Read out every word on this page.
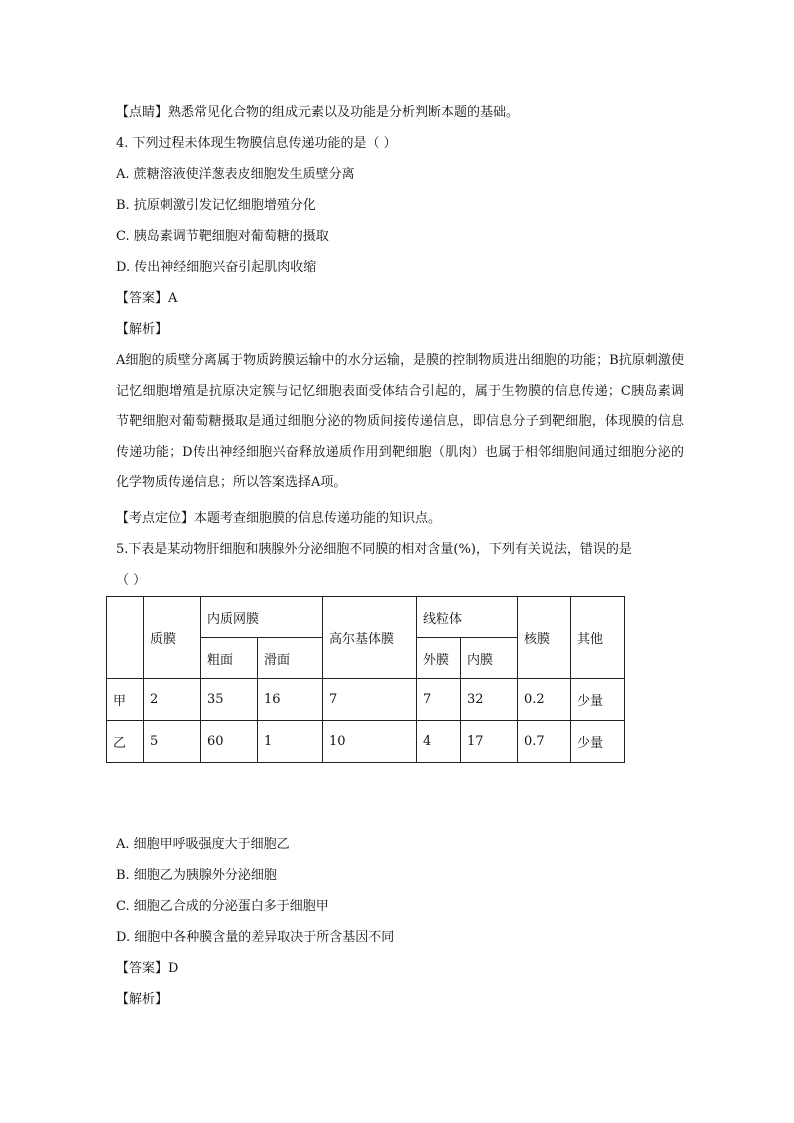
【点睛】熟悉常见化合物的组成元素以及功能是分析判断本题的基础。
4. 下列过程未体现生物膜信息传递功能的是（ ）
A. 蔗糖溶液使洋葱表皮细胞发生质壁分离
B. 抗原刺激引发记忆细胞增殖分化
C. 胰岛素调节靶细胞对葡萄糖的摄取
D. 传出神经细胞兴奋引起肌肉收缩
【答案】A
【解析】
A细胞的质壁分离属于物质跨膜运输中的水分运输，是膜的控制物质进出细胞的功能；B抗原刺激使记忆细胞增殖是抗原决定簇与记忆细胞表面受体结合引起的，属于生物膜的信息传递；C胰岛素调节靶细胞对葡萄糖摄取是通过细胞分泌的物质间接传递信息，即信息分子到靶细胞，体现膜的信息传递功能；D传出神经细胞兴奋释放递质作用到靶细胞（肌肉）也属于相邻细胞间通过细胞分泌的化学物质传递信息；所以答案选择A项。
【考点定位】本题考查细胞膜的信息传递功能的知识点。
5.下表是某动物肝细胞和胰腺外分泌细胞不同膜的相对含量(%)，下列有关说法，错误的是
（ ）
	质膜	内质网膜		高尔基体膜	线粒体		核膜	其他
		粗面	滑面		外膜	内膜		
甲	2	35	16	7	7	32	0.2	少量
乙	5	60	1	10	4	17	0.7	少量
A. 细胞甲呼吸强度大于细胞乙
B. 细胞乙为胰腺外分泌细胞
C. 细胞乙合成的分泌蛋白多于细胞甲
D. 细胞中各种膜含量的差异取决于所含基因不同
【答案】D
【解析】
